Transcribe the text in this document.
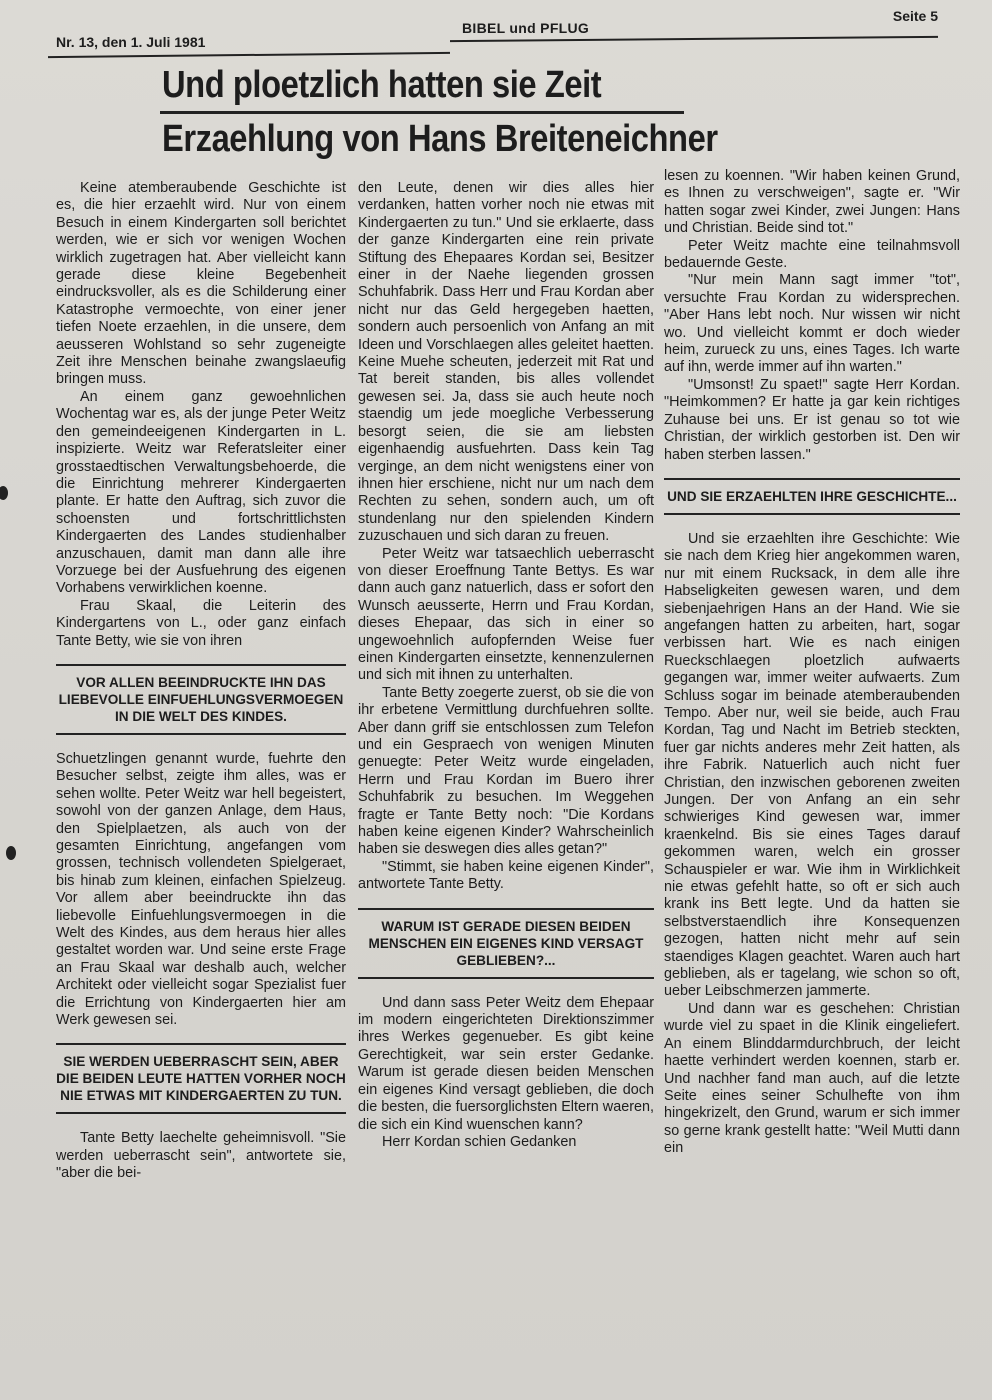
Nr. 13, den 1. Juli 1981
BIBEL und PFLUG
Seite 5
Und ploetzlich hatten sie Zeit
Erzaehlung von Hans Breiteneichner

Keine atemberaubende Geschichte ist es, die hier erzaehlt wird. Nur von einem Besuch in einem Kindergarten soll berichtet werden, wie er sich vor wenigen Wochen wirklich zugetragen hat. Aber vielleicht kann gerade diese kleine Begebenheit eindrucksvoller, als es die Schilderung einer Katastrophe vermoechte, von einer jener tiefen Noete erzaehlen, in die unsere, dem aeusseren Wohlstand so sehr zugeneigte Zeit ihre Menschen beinahe zwangslaeufig bringen muss.

An einem ganz gewoehnlichen Wochentag war es, als der junge Peter Weitz den gemeindeeigenen Kindergarten in L. inspizierte. Weitz war Referatsleiter einer grosstaedtischen Verwaltungsbehoerde, die die Einrichtung mehrerer Kindergaerten plante. Er hatte den Auftrag, sich zuvor die schoensten und fortschrittlichsten Kindergaerten des Landes studienhalber anzuschauen, damit man dann alle ihre Vorzuege bei der Ausfuehrung des eigenen Vorhabens verwirklichen koenne.

Frau Skaal, die Leiterin des Kindergartens von L., oder ganz einfach Tante Betty, wie sie von ihren

VOR ALLEN BEEINDRUCKTE IHN DAS LIEBEVOLLE EINFUEHLUNGSVERMOEGEN IN DIE WELT DES KINDES.

Schuetzlingen genannt wurde, fuehrte den Besucher selbst, zeigte ihm alles, was er sehen wollte. Peter Weitz war hell begeistert, sowohl von der ganzen Anlage, dem Haus, den Spielplaetzen, als auch von der gesamten Einrichtung, angefangen vom grossen, technisch vollendeten Spielgeraet, bis hinab zum kleinen, einfachen Spielzeug. Vor allem aber beeindruckte ihn das liebevolle Einfuehlungsvermoegen in die Welt des Kindes, aus dem heraus hier alles gestaltet worden war. Und seine erste Frage an Frau Skaal war deshalb auch, welcher Architekt oder vielleicht sogar Spezialist fuer die Errichtung von Kindergaerten hier am Werk gewesen sei.

SIE WERDEN UEBERRASCHT SEIN, ABER DIE BEIDEN LEUTE HATTEN VORHER NOCH NIE ETWAS MIT KINDERGAERTEN ZU TUN.

Tante Betty laechelte geheimnisvoll. "Sie werden ueberrascht sein", antwortete sie, "aber die bei-

den Leute, denen wir dies alles hier verdanken, hatten vorher noch nie etwas mit Kindergaerten zu tun." Und sie erklaerte, dass der ganze Kindergarten eine rein private Stiftung des Ehepaares Kordan sei, Besitzer einer in der Naehe liegenden grossen Schuhfabrik. Dass Herr und Frau Kordan aber nicht nur das Geld hergegeben haetten, sondern auch persoenlich von Anfang an mit Ideen und Vorschlaegen alles geleitet haetten. Keine Muehe scheuten, jederzeit mit Rat und Tat bereit standen, bis alles vollendet gewesen sei. Ja, dass sie auch heute noch staendig um jede moegliche Verbesserung besorgt seien, die sie am liebsten eigenhaendig ausfuehrten. Dass kein Tag verginge, an dem nicht wenigstens einer von ihnen hier erschiene, nicht nur um nach dem Rechten zu sehen, sondern auch, um oft stundenlang nur den spielenden Kindern zuzuschauen und sich daran zu freuen.

Peter Weitz war tatsaechlich ueberrascht von dieser Eroeffnung Tante Bettys. Es war dann auch ganz natuerlich, dass er sofort den Wunsch aeusserte, Herrn und Frau Kordan, dieses Ehepaar, das sich in einer so ungewoehnlich aufopfernden Weise fuer einen Kindergarten einsetzte, kennenzulernen und sich mit ihnen zu unterhalten.

Tante Betty zoegerte zuerst, ob sie die von ihr erbetene Vermittlung durchfuehren sollte. Aber dann griff sie entschlossen zum Telefon und ein Gespraech von wenigen Minuten genuegte: Peter Weitz wurde eingeladen, Herrn und Frau Kordan im Buero ihrer Schuhfabrik zu besuchen. Im Weggehen fragte er Tante Betty noch: "Die Kordans haben keine eigenen Kinder? Wahrscheinlich haben sie deswegen dies alles getan?"

"Stimmt, sie haben keine eigenen Kinder", antwortete Tante Betty.

WARUM IST GERADE DIESEN BEIDEN MENSCHEN EIN EIGENES KIND VERSAGT GEBLIEBEN?...

Und dann sass Peter Weitz dem Ehepaar im modern eingerichteten Direktionszimmer ihres Werkes gegenueber. Es gibt keine Gerechtigkeit, war sein erster Gedanke. Warum ist gerade diesen beiden Menschen ein eigenes Kind versagt geblieben, die doch die besten, die fuersorglichsten Eltern waeren, die sich ein Kind wuenschen kann?

Herr Kordan schien Gedanken

lesen zu koennen. "Wir haben keinen Grund, es Ihnen zu verschweigen", sagte er. "Wir hatten sogar zwei Kinder, zwei Jungen: Hans und Christian. Beide sind tot."

Peter Weitz machte eine teilnahmsvoll bedauernde Geste.

"Nur mein Mann sagt immer "tot", versuchte Frau Kordan zu widersprechen. "Aber Hans lebt noch. Nur wissen wir nicht wo. Und vielleicht kommt er doch wieder heim, zurueck zu uns, eines Tages. Ich warte auf ihn, werde immer auf ihn warten."

"Umsonst! Zu spaet!" sagte Herr Kordan. "Heimkommen? Er hatte ja gar kein richtiges Zuhause bei uns. Er ist genau so tot wie Christian, der wirklich gestorben ist. Den wir haben sterben lassen."

UND SIE ERZAEHLTEN IHRE GESCHICHTE...

Und sie erzaehlten ihre Geschichte: Wie sie nach dem Krieg hier angekommen waren, nur mit einem Rucksack, in dem alle ihre Habseligkeiten gewesen waren, und dem siebenjaehrigen Hans an der Hand. Wie sie angefangen hatten zu arbeiten, hart, sogar verbissen hart. Wie es nach einigen Rueckschlaegen ploetzlich aufwaerts gegangen war, immer weiter aufwaerts. Zum Schluss sogar im beinade atemberaubenden Tempo. Aber nur, weil sie beide, auch Frau Kordan, Tag und Nacht im Betrieb steckten, fuer gar nichts anderes mehr Zeit hatten, als ihre Fabrik. Natuerlich auch nicht fuer Christian, den inzwischen geborenen zweiten Jungen. Der von Anfang an ein sehr schwieriges Kind gewesen war, immer kraenkelnd. Bis sie eines Tages darauf gekommen waren, welch ein grosser Schauspieler er war. Wie ihm in Wirklichkeit nie etwas gefehlt hatte, so oft er sich auch krank ins Bett legte. Und da hatten sie selbstverstaendlich ihre Konsequenzen gezogen, hatten nicht mehr auf sein staendiges Klagen geachtet. Waren auch hart geblieben, als er tagelang, wie schon so oft, ueber Leibschmerzen jammerte.

Und dann war es geschehen: Christian wurde viel zu spaet in die Klinik eingeliefert. An einem Blinddarmdurchbruch, der leicht haette verhindert werden koennen, starb er. Und nachher fand man auch, auf die letzte Seite eines seiner Schulhefte von ihm hingekrizelt, den Grund, warum er sich immer so gerne krank gestellt hatte: "Weil Mutti dann ein
